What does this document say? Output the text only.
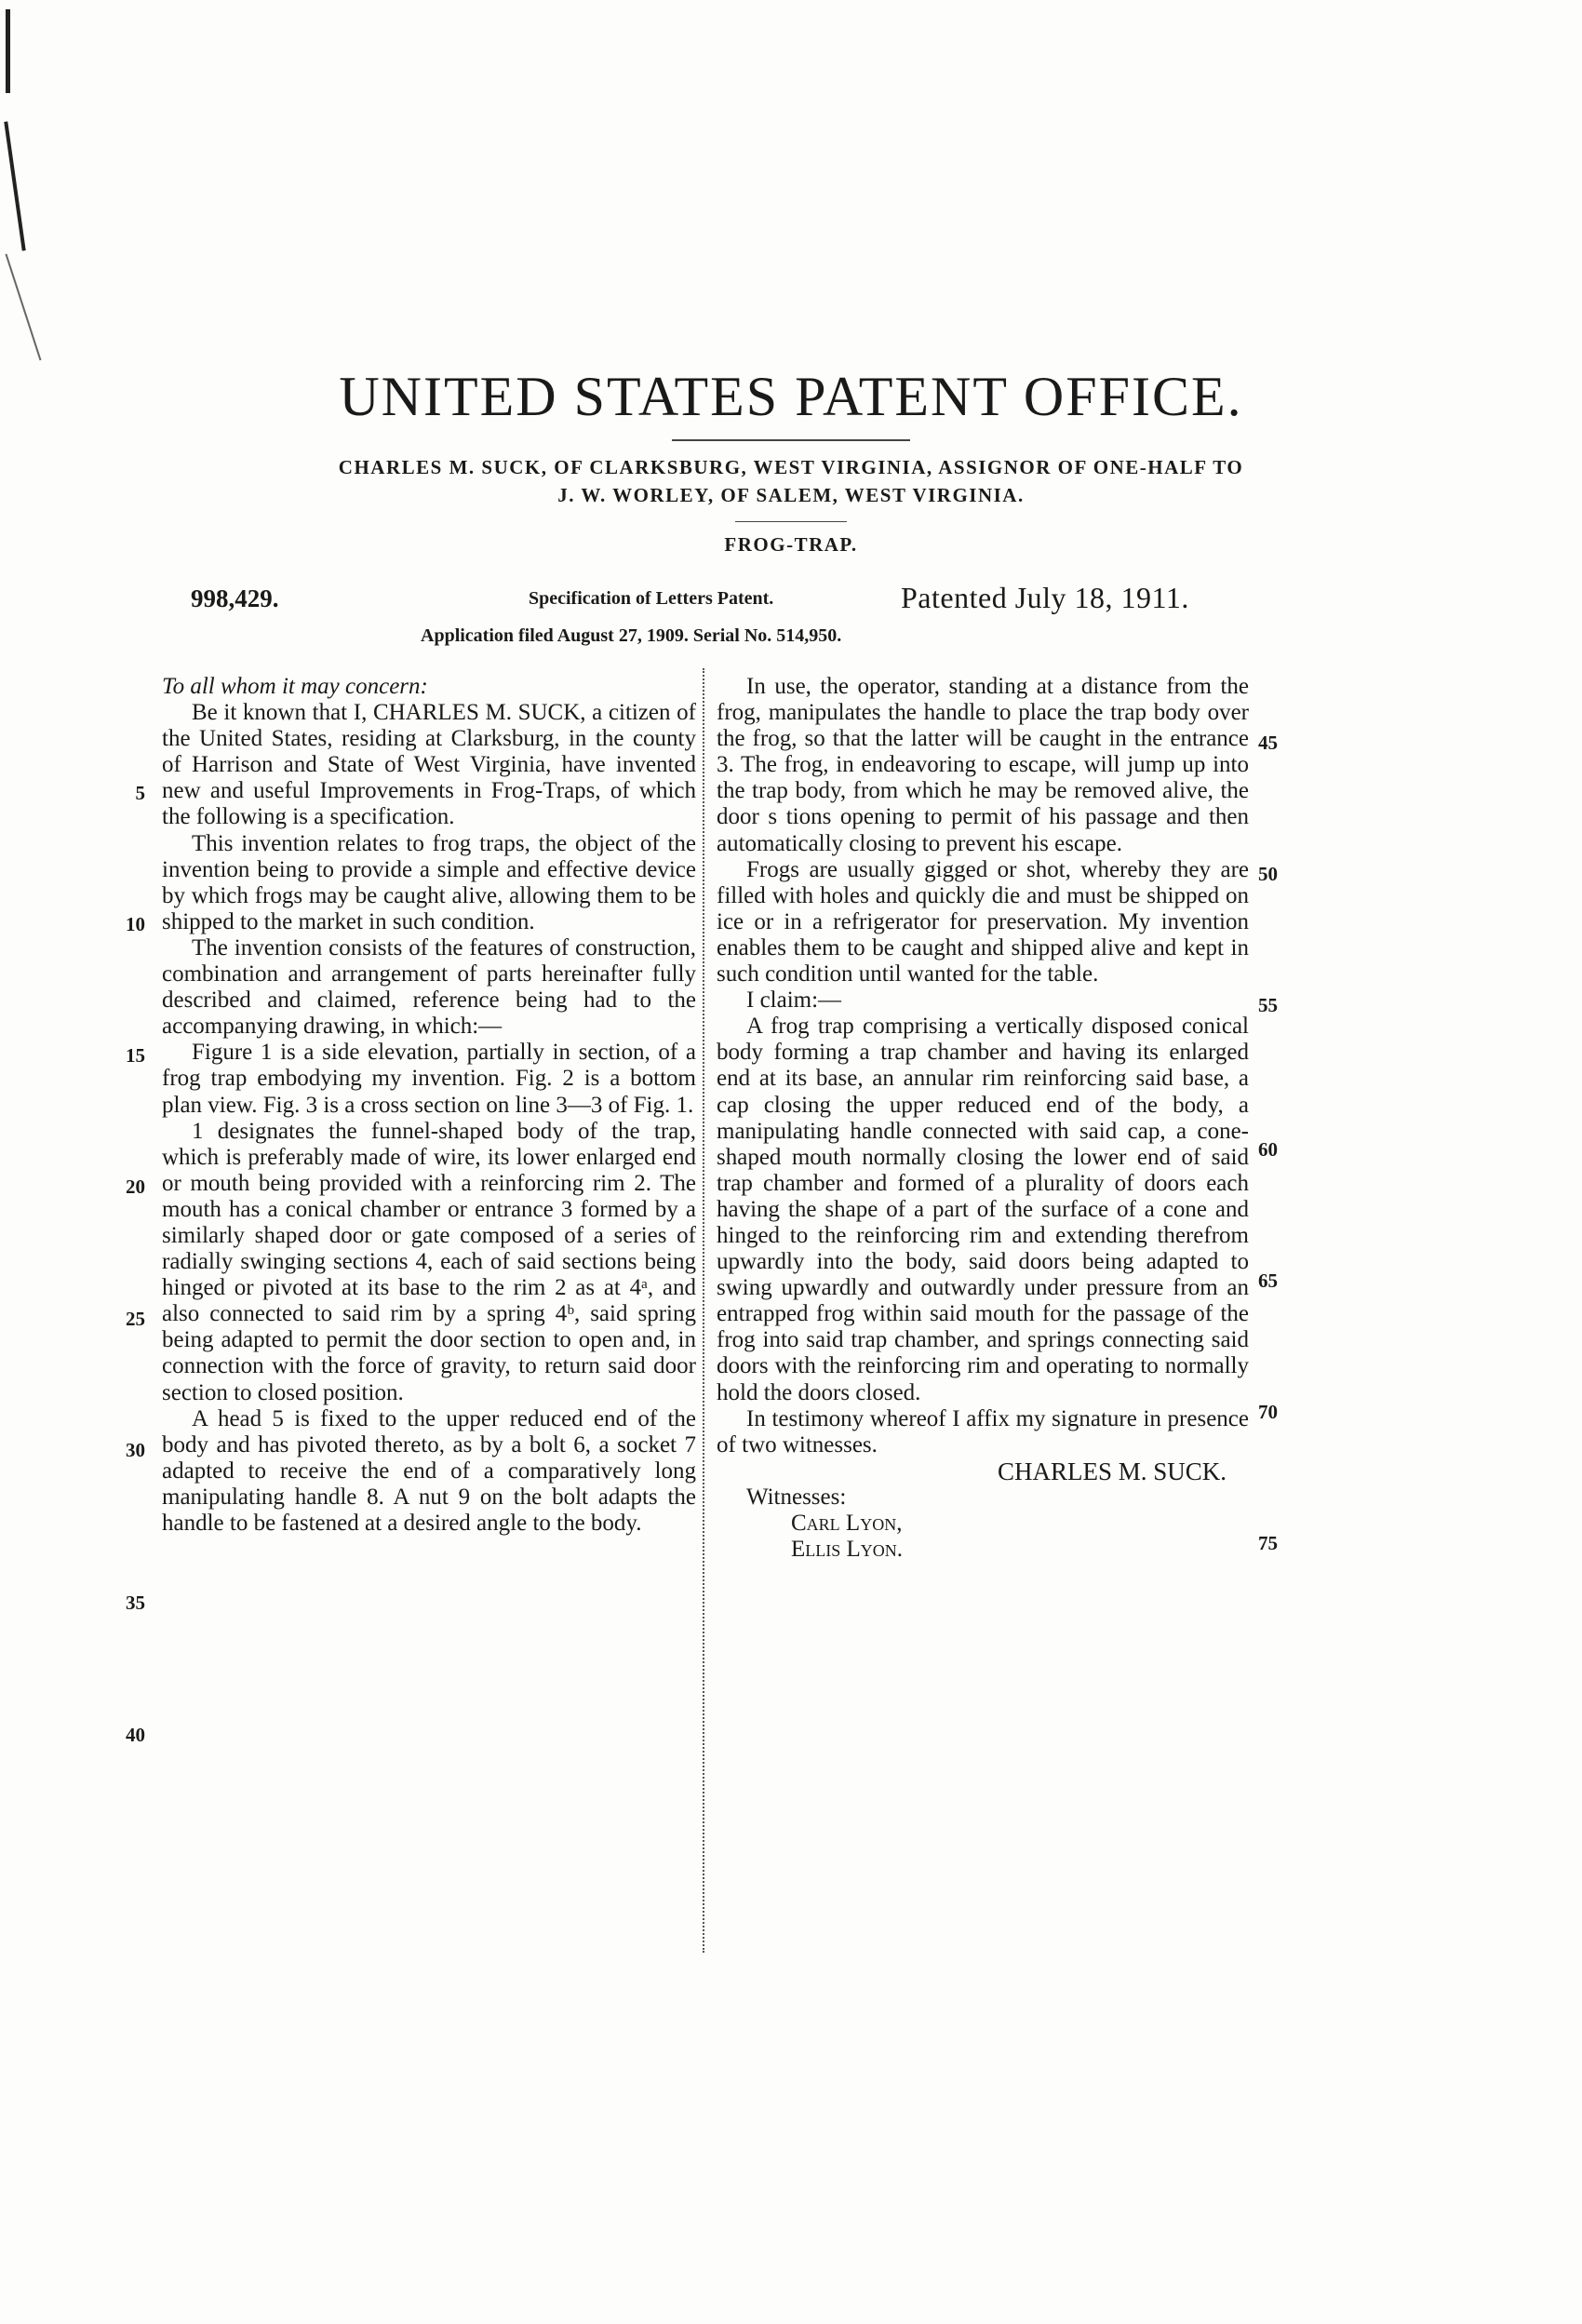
UNITED STATES PATENT OFFICE.
CHARLES M. SUCK, OF CLARKSBURG, WEST VIRGINIA, ASSIGNOR OF ONE-HALF TO
J. W. WORLEY, OF SALEM, WEST VIRGINIA.
FROG-TRAP.
998,429.	Specification of Letters Patent.	Patented July 18, 1911.
Application filed August 27, 1909. Serial No. 514,950.

To all whom it may concern:

Be it known that I, CHARLES M. SUCK, a citizen of the United States, residing at Clarksburg, in the county of Harrison and State of West Virginia, have invented new and useful Improvements in Frog-Traps, of which the following is a specification.

This invention relates to frog traps, the object of the invention being to provide a simple and effective device by which frogs may be caught alive, allowing them to be shipped to the market in such condition.

The invention consists of the features of construction, combination and arrangement of parts hereinafter fully described and claimed, reference being had to the accompanying drawing, in which:—

Figure 1 is a side elevation, partially in section, of a frog trap embodying my invention. Fig. 2 is a bottom plan view. Fig. 3 is a cross section on line 3—3 of Fig. 1.

1 designates the funnel-shaped body of the trap, which is preferably made of wire, its lower enlarged end or mouth being provided with a reinforcing rim 2. The mouth has a conical chamber or entrance 3 formed by a similarly shaped door or gate composed of a series of radially swinging sections 4, each of said sections being hinged or pivoted at its base to the rim 2 as at 4ᵃ, and also connected to said rim by a spring 4ᵇ, said spring being adapted to permit the door section to open and, in connection with the force of gravity, to return said door section to closed position.

A head 5 is fixed to the upper reduced end of the body and has pivoted thereto, as by a bolt 6, a socket 7 adapted to receive the end of a comparatively long manipulating handle 8. A nut 9 on the bolt adapts the handle to be fastened at a desired angle to the body.

In use, the operator, standing at a distance from the frog, manipulates the handle to place the trap body over the frog, so that the latter will be caught in the entrance 3. The frog, in endeavoring to escape, will jump up into the trap body, from which he may be removed alive, the door s tions opening to permit of his passage and then automatically closing to prevent his escape.

Frogs are usually gigged or shot, whereby they are filled with holes and quickly die and must be shipped on ice or in a refrigerator for preservation. My invention enables them to be caught and shipped alive and kept in such condition until wanted for the table.

I claim:—

A frog trap comprising a vertically disposed conical body forming a trap chamber and having its enlarged end at its base, an annular rim reinforcing said base, a cap closing the upper reduced end of the body, a manipulating handle connected with said cap, a cone-shaped mouth normally closing the lower end of said trap chamber and formed of a plurality of doors each having the shape of a part of the surface of a cone and hinged to the reinforcing rim and extending therefrom upwardly into the body, said doors being adapted to swing upwardly and outwardly under pressure from an entrapped frog within said mouth for the passage of the frog into said trap chamber, and springs connecting said doors with the reinforcing rim and operating to normally hold the doors closed.

In testimony whereof I affix my signature in presence of two witnesses.

CHARLES M. SUCK.

Witnesses:

Carl Lyon,

Ellis Lyon.

5
10
15
20
25
30
35
40
45
50
55
60
65
70
75
